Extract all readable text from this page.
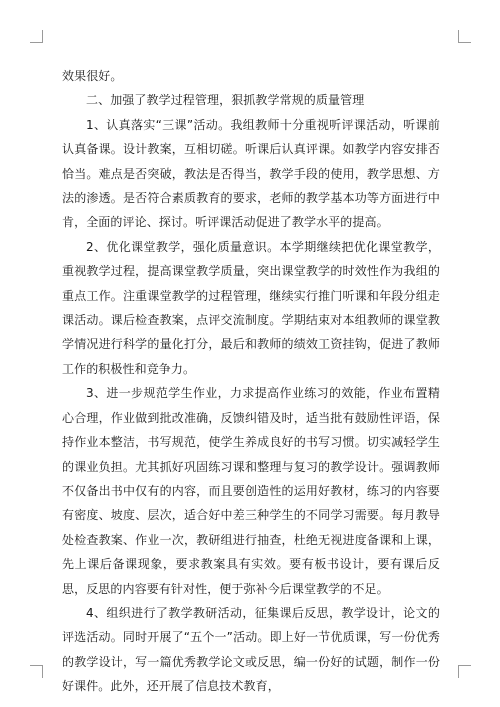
效果很好。

二、加强了教学过程管理，狠抓教学常规的质量管理

1、认真落实“三课”活动。我组教师十分重视听评课活动，听课前认真备课。设计教案，互相切磋。听课后认真评课。如教学内容安排否恰当。难点是否突破，教法是否得当，教学手段的使用，教学思想、方法的渗透。是否符合素质教育的要求，老师的教学基本功等方面进行中肯，全面的评论、探讨。听评课活动促进了教学水平的提高。

2、优化课堂教学，强化质量意识。本学期继续把优化课堂教学，重视教学过程，提高课堂教学质量，突出课堂教学的时效性作为我组的重点工作。注重课堂教学的过程管理，继续实行推门听课和年段分组走课活动。课后检查教案，点评交流制度。学期结束对本组教师的课堂教学情况进行科学的量化打分，最后和教师的绩效工资挂钩，促进了教师工作的积极性和竞争力。

3、进一步规范学生作业，力求提高作业练习的效能，作业布置精心合理，作业做到批改准确，反馈纠错及时，适当批有鼓励性评语，保持作业本整洁，书写规范，使学生养成良好的书写习惯。切实减轻学生的课业负担。尤其抓好巩固练习课和整理与复习的教学设计。强调教师不仅备出书中仅有的内容，而且要创造性的运用好教材，练习的内容要有密度、坡度、层次，适合好中差三种学生的不同学习需要。每月教导处检查教案、作业一次，教研组进行抽查，杜绝无视进度备课和上课，先上课后备课现象，要求教案具有实效。要有板书设计，要有课后反思，反思的内容要有针对性，便于弥补今后课堂教学的不足。

4、组织进行了教学教研活动，征集课后反思，教学设计，论文的评选活动。同时开展了“五个一”活动。即上好一节优质课，写一份优秀的教学设计，写一篇优秀教学论文或反思，编一份好的试题，制作一份好课件。此外，还开展了信息技术教育，
